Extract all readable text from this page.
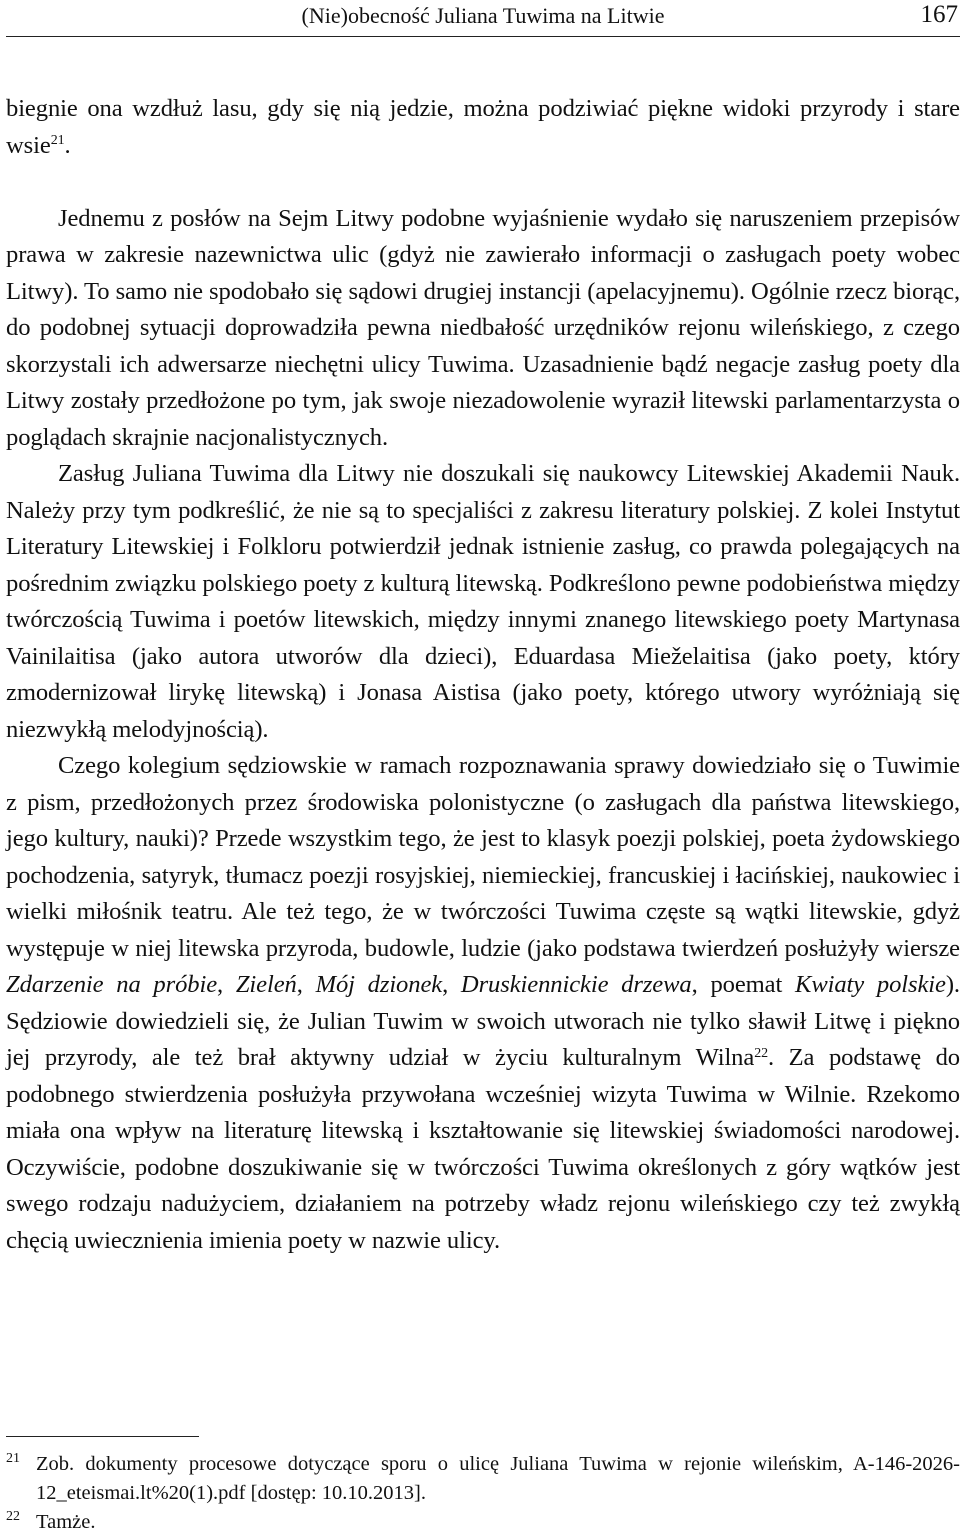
(Nie)obecność Juliana Tuwima na Litwie	167

biegnie ona wzdłuż lasu, gdy się nią jedzie, można podziwiać piękne widoki przyrody i stare wsie$^{21}$.

Jednemu z posłów na Sejm Litwy podobne wyjaśnienie wydało się naruszeniem przepisów prawa w zakresie nazewnictwa ulic (gdyż nie zawierało informacji o zasługach poety wobec Litwy). To samo nie spodobało się sądowi drugiej instancji (apelacyjnemu). Ogólnie rzecz biorąc, do podobnej sytuacji doprowadziła pewna niedbałość urzędników rejonu wileńskiego, z czego skorzystali ich adwersarze niechętni ulicy Tuwima. Uzasadnienie bądź negacje zasług poety dla Litwy zostały przedłożone po tym, jak swoje niezadowolenie wyraził litewski parlamentarzysta o poglądach skrajnie nacjonalistycznych.

Zasług Juliana Tuwima dla Litwy nie doszukali się naukowcy Litewskiej Akademii Nauk. Należy przy tym podkreślić, że nie są to specjaliści z zakresu literatury polskiej. Z kolei Instytut Literatury Litewskiej i Folkloru potwierdził jednak istnienie zasług, co prawda polegających na pośrednim związku polskiego poety z kulturą litewską. Podkreślono pewne podobieństwa między twórczością Tuwima i poetów litewskich, między innymi znanego litewskiego poety Martynasa Vainilaitisa (jako autora utworów dla dzieci), Eduardasa Mieželaitisa (jako poety, który zmodernizował lirykę litewską) i Jonasa Aistisa (jako poety, którego utwory wyróżniają się niezwykłą melodyjnością).

Czego kolegium sędziowskie w ramach rozpoznawania sprawy dowiedziało się o Tuwimie z pism, przedłożonych przez środowiska polonistyczne (o zasługach dla państwa litewskiego, jego kultury, nauki)? Przede wszystkim tego, że jest to klasyk poezji polskiej, poeta żydowskiego pochodzenia, satyryk, tłumacz poezji rosyjskiej, niemieckiej, francuskiej i łacińskiej, naukowiec i wielki miłośnik teatru. Ale też tego, że w twórczości Tuwima częste są wątki litewskie, gdyż występuje w niej litewska przyroda, budowle, ludzie (jako podstawa twierdzeń posłużyły wiersze Zdarzenie na próbie, Zieleń, Mój dzionek, Druskiennickie drzewa, poemat Kwiaty polskie). Sędziowie dowiedzieli się, że Julian Tuwim w swoich utworach nie tylko sławił Litwę i piękno jej przyrody, ale też brał aktywny udział w życiu kulturalnym Wilna$^{22}$. Za podstawę do podobnego stwierdzenia posłużyła przywołana wcześniej wizyta Tuwima w Wilnie. Rzekomo miała ona wpływ na literaturę litewską i kształtowanie się litewskiej świadomości narodowej. Oczywiście, podobne doszukiwanie się w twórczości Tuwima określonych z góry wątków jest swego rodzaju nadużyciem, działaniem na potrzeby władz rejonu wileńskiego czy też zwykłą chęcią uwiecznienia imienia poety w nazwie ulicy.

21 Zob. dokumenty procesowe dotyczące sporu o ulicę Juliana Tuwima w rejonie wileńskim, A-146-2026-12_eteismai.lt%20(1).pdf [dostęp: 10.10.2013].
22 Tamże.
